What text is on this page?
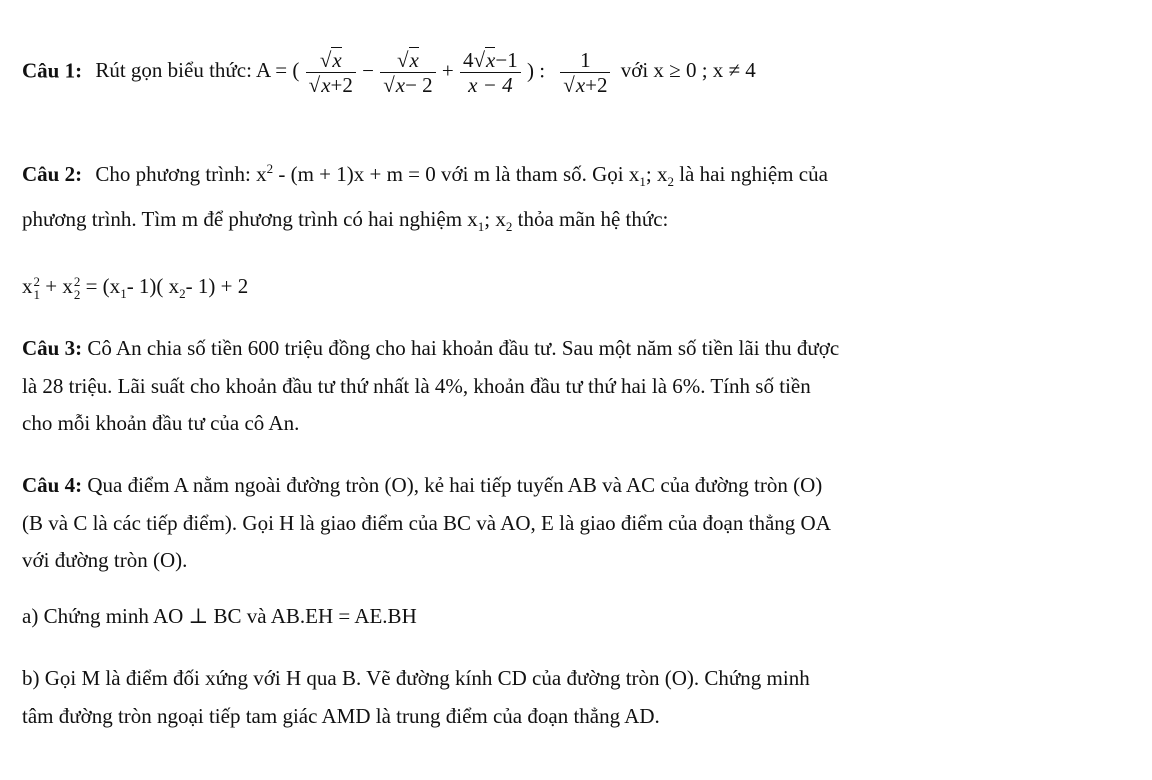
Câu 1: Rút gọn biểu thức: A = ( $\frac{√x}{√x+2} - \frac{√x}{√x- 2} + \frac{4√x-1}{x - 4}$ ) : $\frac{1}{√x+2}$ với x ≥ 0 ; x ≠ 4
Câu 2: Cho phương trình: $x^2 - (m + 1)x + m = 0$ với m là tham số. Gọi $x_1$; $x_2$ là hai nghiệm của
phương trình. Tìm m để phương trình có hai nghiệm $x_1$; $x_2$ thỏa mãn hệ thức:
x 2
1 + x 2
$2 = (x_1-$ 1)( $x_2-$ 1) + 2
Câu 3: Cô An chia số tiền 600 triệu đồng cho hai khoản đầu tư. Sau một năm số tiền lãi thu được
là 28 triệu. Lãi suất cho khoản đầu tư thứ nhất là 4%, khoản đầu tư thứ hai là 6%. Tính số tiền
cho mỗi khoản đầu tư của cô An.
Câu 4: Qua điểm A nằm ngoài đường tròn (O), kẻ hai tiếp tuyến AB và AC của đường tròn (O)
(B và C là các tiếp điểm). Gọi H là giao điểm của BC và AO, E là giao điểm của đoạn thẳng OA
với đường tròn (O).
a) Chứng minh AO ⊥ BC và AB.EH = AE.BH
b) Gọi M là điểm đối xứng với H qua B. Vẽ đường kính CD của đường tròn (O). Chứng minh
tâm đường tròn ngoại tiếp tam giác AMD là trung điểm của đoạn thẳng AD.
